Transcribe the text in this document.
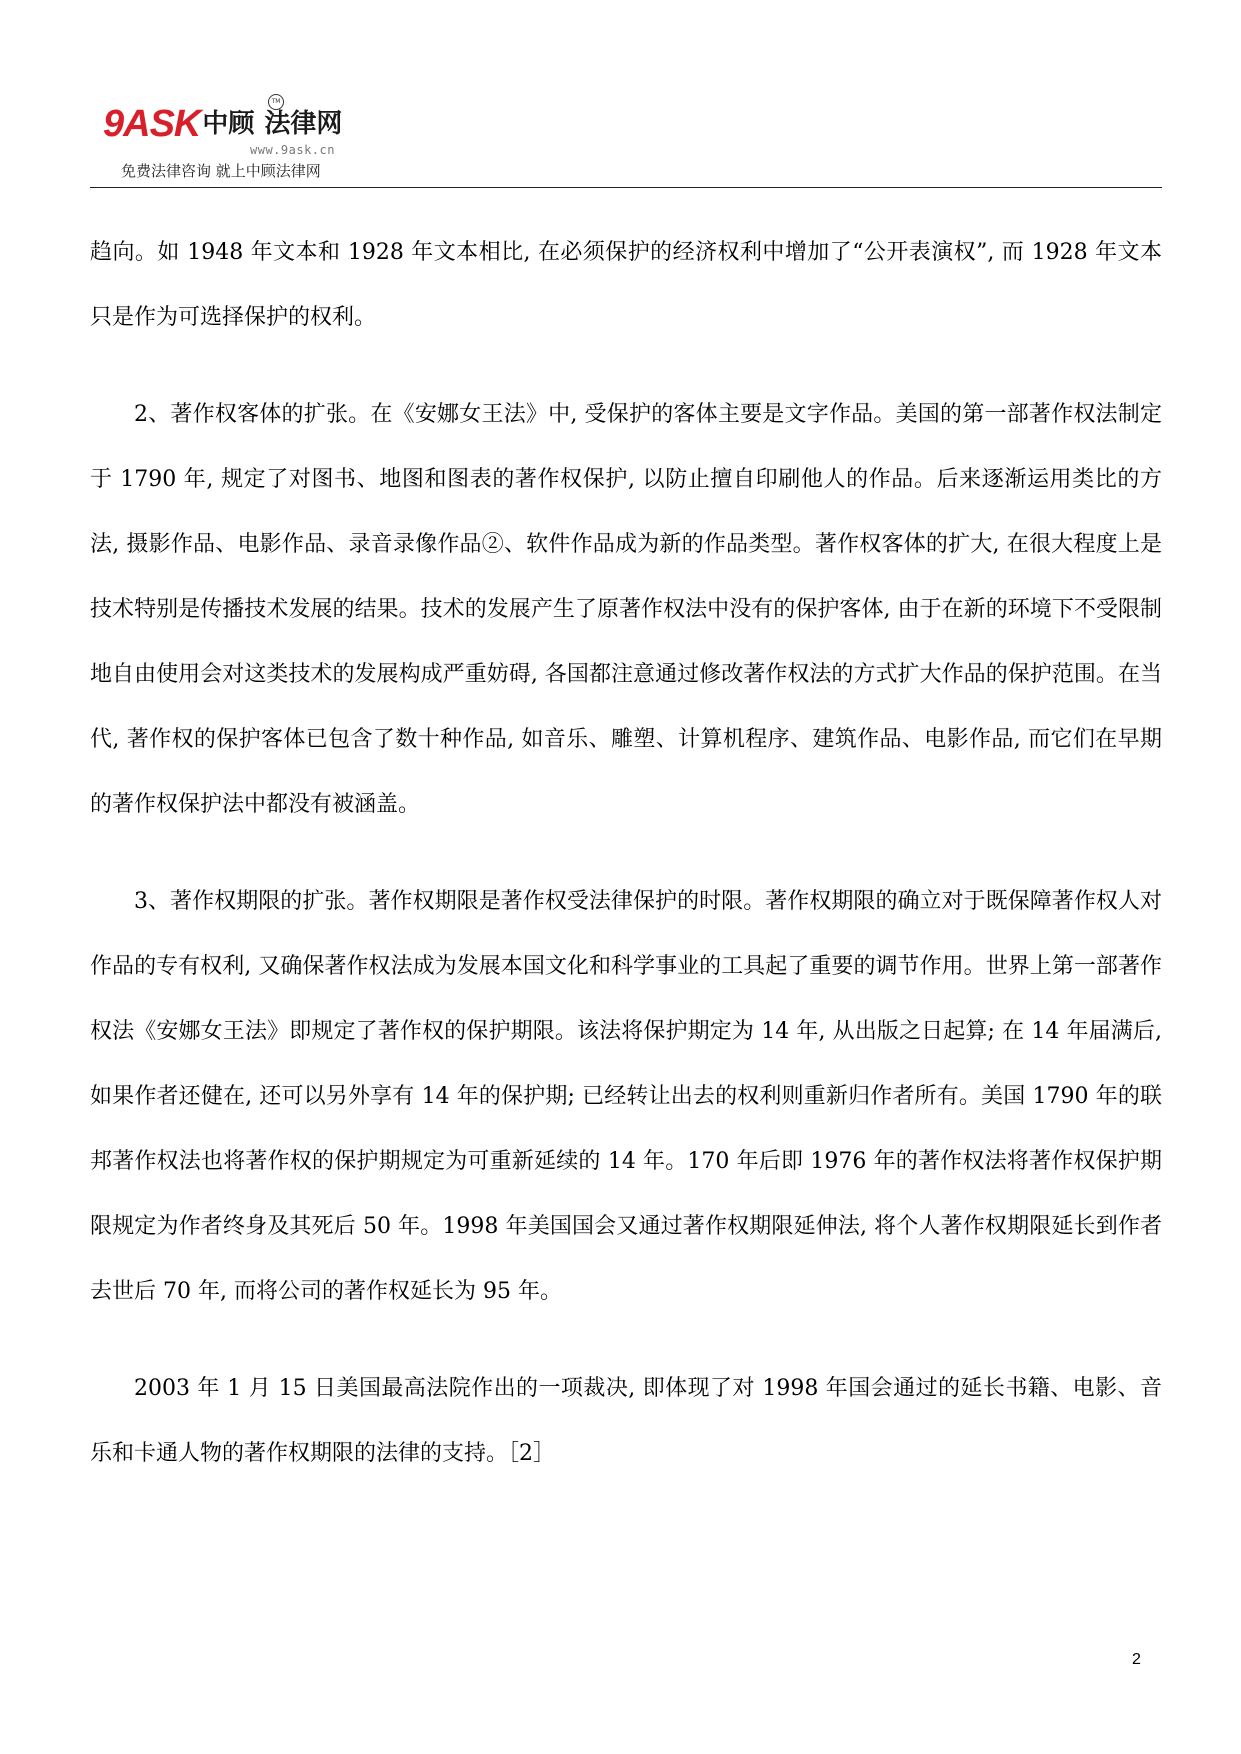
9ASK中顾 法律网
TM
www.9ask.cn
免费法律咨询 就上中顾法律网

趋向。如 1948 年文本和 1928 年文本相比, 在必须保护的经济权利中增加了“公开表演权”, 而 1928 年文本只是作为可选择保护的权利。

2、著作权客体的扩张。在《安娜女王法》中, 受保护的客体主要是文字作品。美国的第一部著作权法制定于 1790 年, 规定了对图书、地图和图表的著作权保护, 以防止擅自印刷他人的作品。后来逐渐运用类比的方法, 摄影作品、电影作品、录音录像作品②、软件作品成为新的作品类型。著作权客体的扩大, 在很大程度上是技术特别是传播技术发展的结果。技术的发展产生了原著作权法中没有的保护客体, 由于在新的环境下不受限制地自由使用会对这类技术的发展构成严重妨碍, 各国都注意通过修改著作权法的方式扩大作品的保护范围。在当代, 著作权的保护客体已包含了数十种作品, 如音乐、雕塑、计算机程序、建筑作品、电影作品, 而它们在早期的著作权保护法中都没有被涵盖。

3、著作权期限的扩张。著作权期限是著作权受法律保护的时限。著作权期限的确立对于既保障著作权人对作品的专有权利, 又确保著作权法成为发展本国文化和科学事业的工具起了重要的调节作用。世界上第一部著作权法《安娜女王法》即规定了著作权的保护期限。该法将保护期定为 14 年, 从出版之日起算; 在 14 年届满后, 如果作者还健在, 还可以另外享有 14 年的保护期; 已经转让出去的权利则重新归作者所有。美国 1790 年的联邦著作权法也将著作权的保护期规定为可重新延续的 14 年。170 年后即 1976 年的著作权法将著作权保护期限规定为作者终身及其死后 50 年。1998 年美国国会又通过著作权期限延伸法, 将个人著作权期限延长到作者去世后 70 年, 而将公司的著作权延长为 95 年。

2003 年 1 月 15 日美国最高法院作出的一项裁决, 即体现了对 1998 年国会通过的延长书籍、电影、音乐和卡通人物的著作权期限的法律的支持。［2］

2
